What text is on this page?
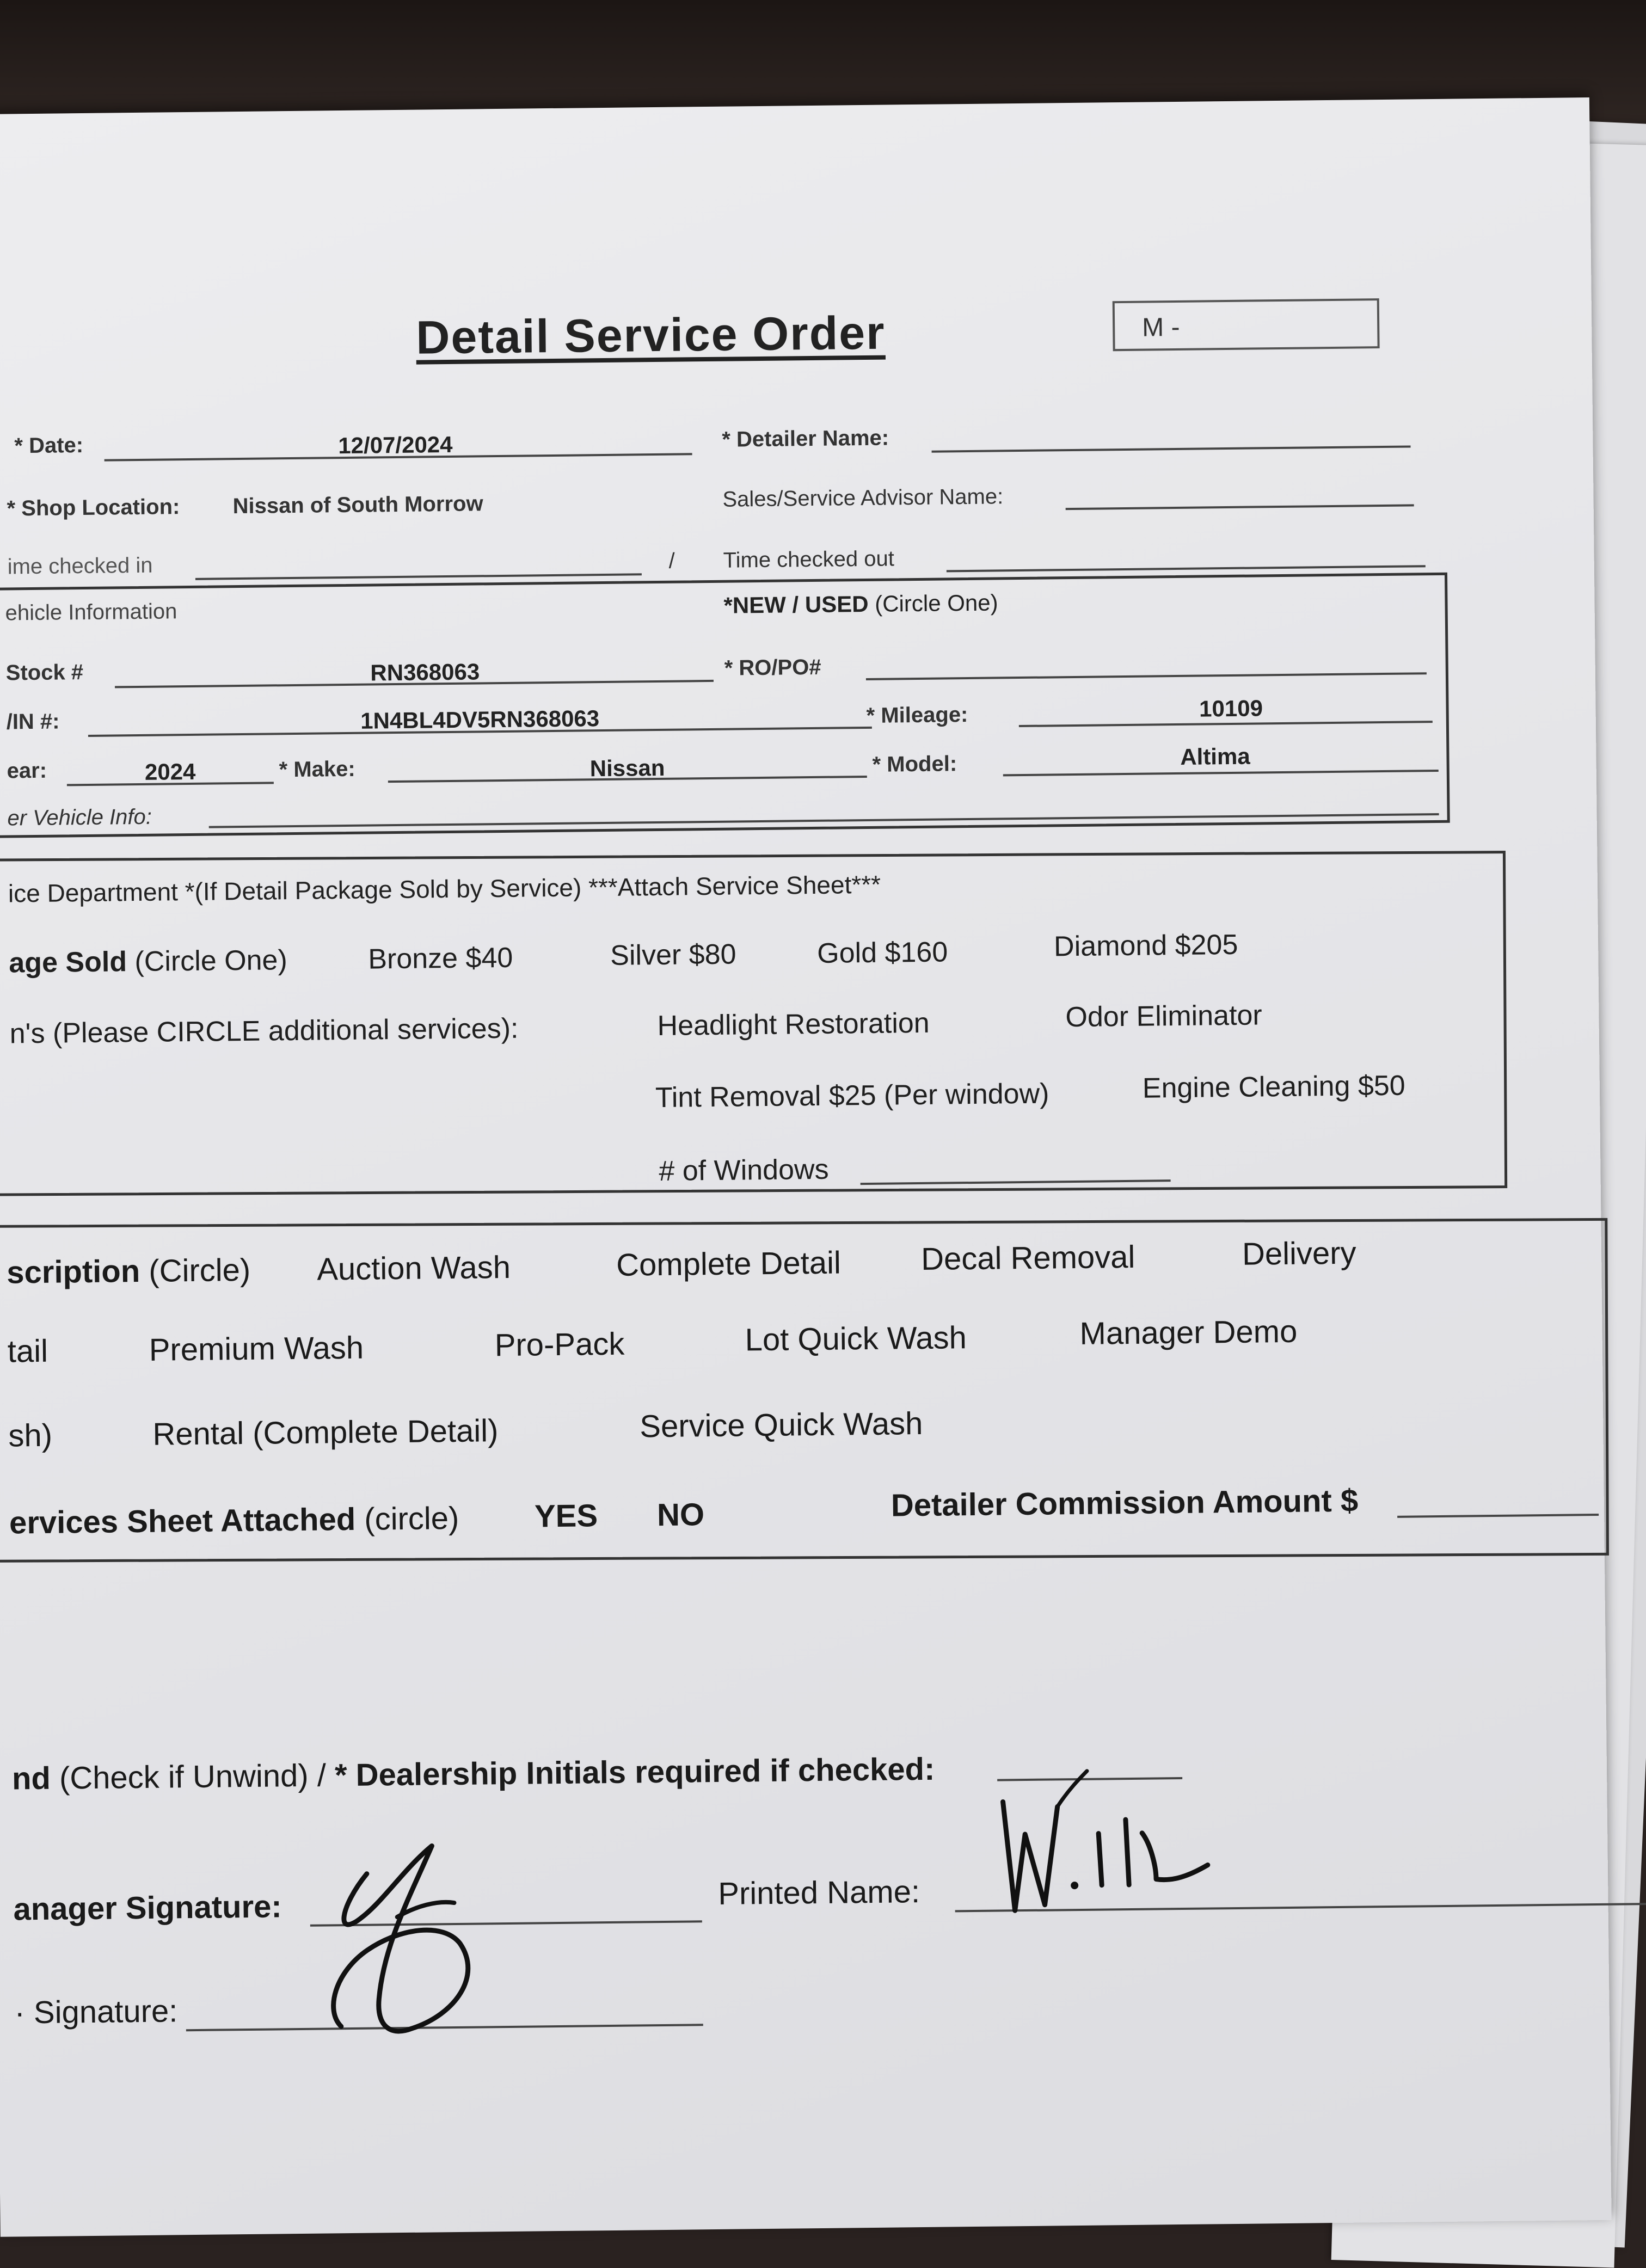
Detail Service Order	M -
* Date:	12/07/2024	* Detailer Name:
* Shop Location: Nissan of South Morrow	Sales/Service Advisor Name:
ime checked in	/ Time checked out
ehicle Information	*NEW / USED (Circle One)
Stock #	RN368063	* RO/PO#
/IN #:	1N4BL4DV5RN368063	* Mileage:	10109
ear:	2024	* Make:	Nissan	* Model:	Altima
er Vehicle Info:
ice Department *(If Detail Package Sold by Service) ***Attach Service Sheet***
age Sold (Circle One)	Bronze $40	Silver $80	Gold $160	Diamond $205
n's (Please CIRCLE additional services):	Headlight Restoration	Odor Eliminator
Tint Removal $25 (Per window)	Engine Cleaning $50
# of Windows
scription (Circle) Auction Wash	Complete Detail	Decal Removal	Delivery
tail	Premium Wash	Pro-Pack	Lot Quick Wash	Manager Demo
sh)	Rental (Complete Detail)	Service Quick Wash
ervices Sheet Attached (circle) YES NO	Detailer Commission Amount $
nd (Check if Unwind) / * Dealership Initials required if checked:
anager Signature:	Printed Name:
· Signature:
